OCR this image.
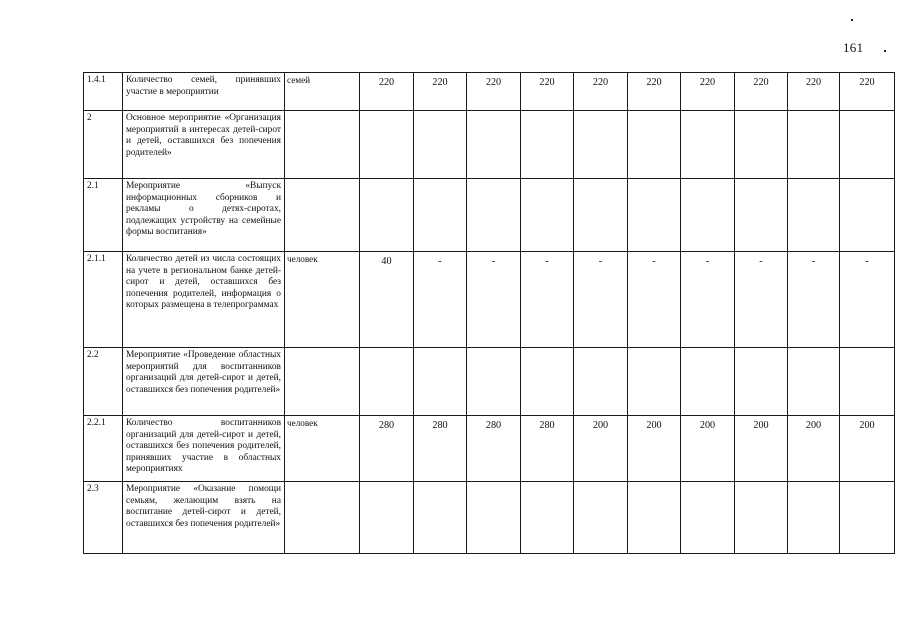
161
1.4.1	Количество семей, принявших участие в мероприятии	семей	220	220	220	220	220	220	220	220	220	220
2	Основное мероприятие «Организация мероприятий в интересах детей-сирот и детей, оставшихся без попечения родителей»											
2.1	Мероприятие «Выпуск информационных сборников и рекламы о детях-сиротах, подлежащих устройству на семейные формы воспитания»											
2.1.1	Количество детей из числа состоящих на учете в региональном банке детей-сирот и детей, оставшихся без попечения родителей, информация о которых размещена в телепрограммах	человек	40	-	-	-	-	-	-	-	-	-
2.2	Мероприятие «Проведение областных мероприятий для воспитанников организаций для детей-сирот и детей, оставшихся без попечения родителей»											
2.2.1	Количество воспитанников организаций для детей-сирот и детей, оставшихся без попечения родителей, принявших участие в областных мероприятиях	человек	280	280	280	280	200	200	200	200	200	200
2.3	Мероприятие «Оказание помощи семьям, желающим взять на воспитание детей-сирот и детей, оставшихся без попечения родителей»											
